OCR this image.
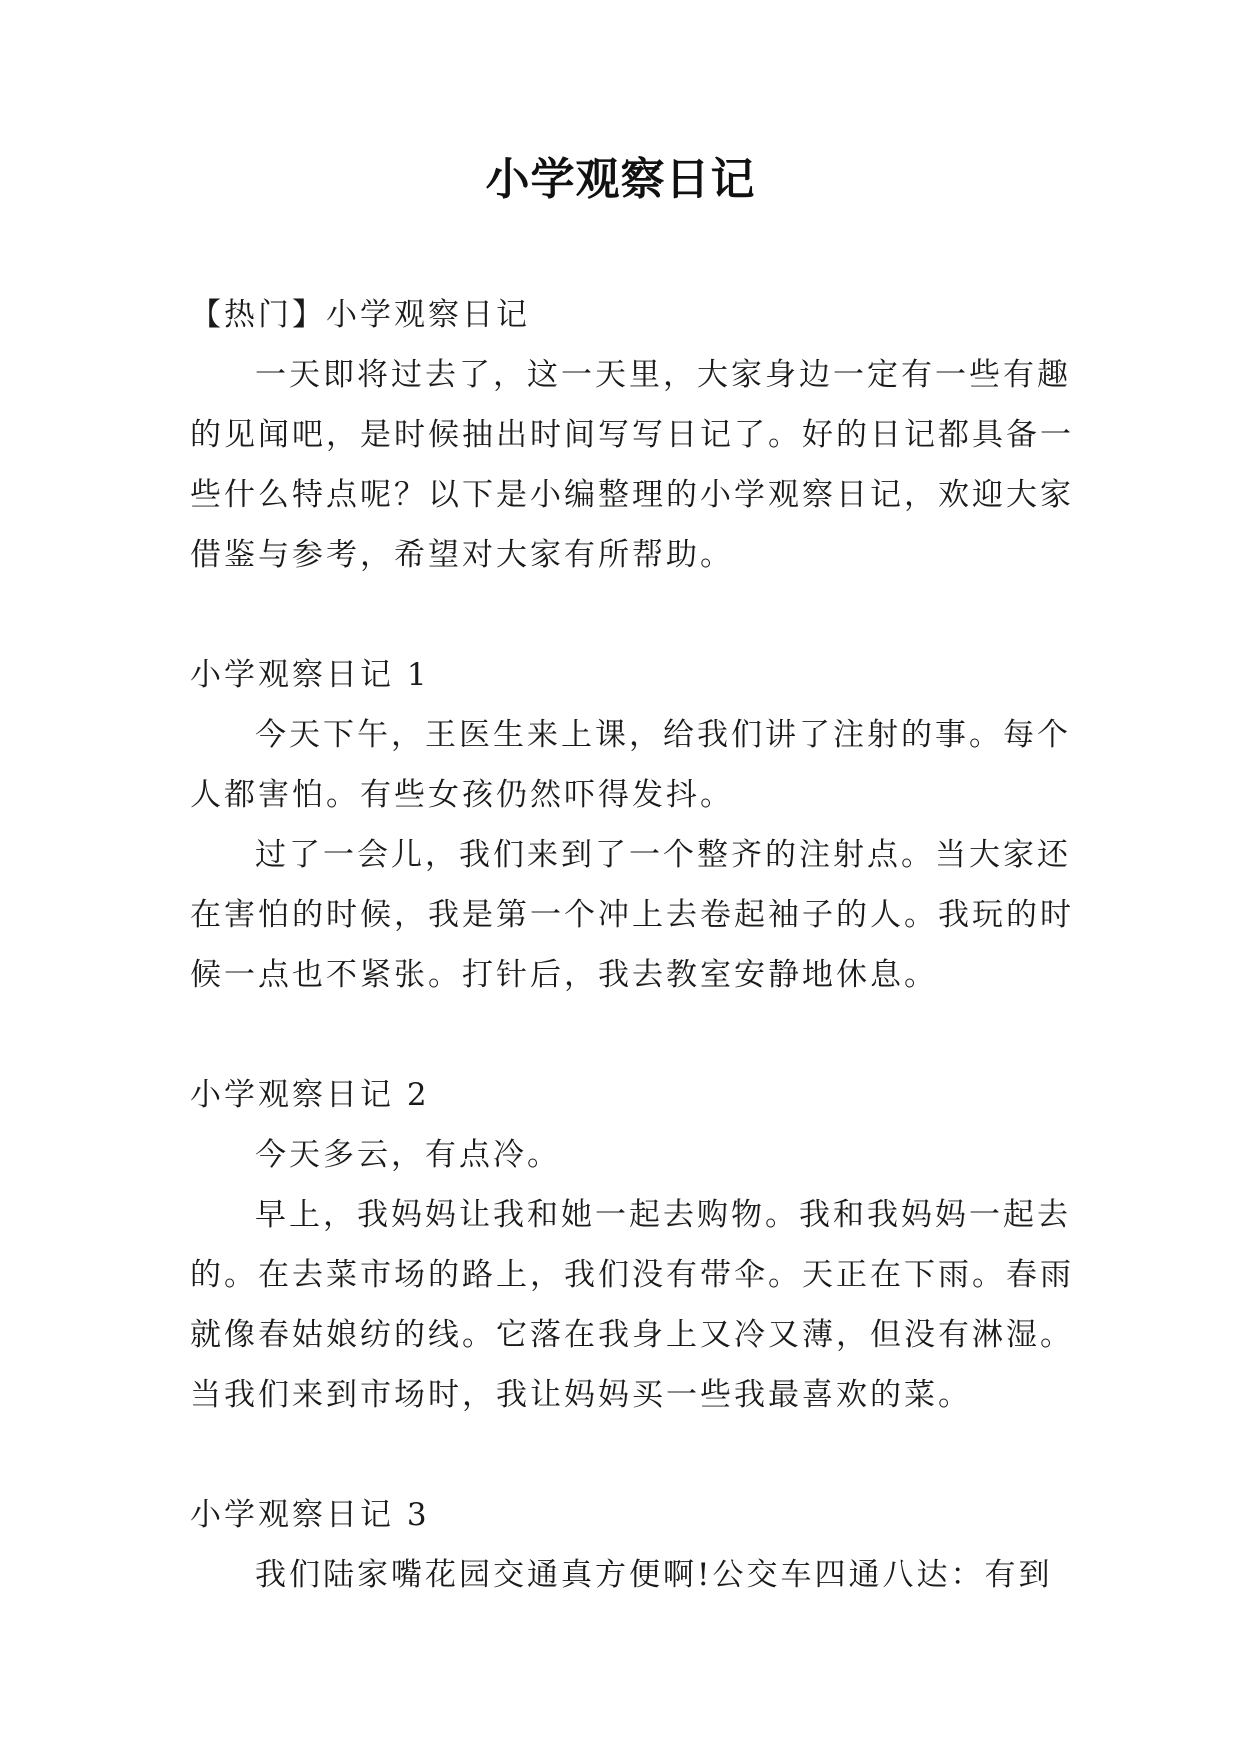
小学观察日记
【热门】小学观察日记
一天即将过去了，这一天里，大家身边一定有一些有趣
的见闻吧，是时候抽出时间写写日记了。好的日记都具备一
些什么特点呢？以下是小编整理的小学观察日记，欢迎大家
借鉴与参考，希望对大家有所帮助。
小学观察日记 1
今天下午，王医生来上课，给我们讲了注射的事。每个
人都害怕。有些女孩仍然吓得发抖。
过了一会儿，我们来到了一个整齐的注射点。当大家还
在害怕的时候，我是第一个冲上去卷起袖子的人。我玩的时
候一点也不紧张。打针后，我去教室安静地休息。
小学观察日记 2
今天多云，有点冷。
早上，我妈妈让我和她一起去购物。我和我妈妈一起去
的。在去菜市场的路上，我们没有带伞。天正在下雨。春雨
就像春姑娘纺的线。它落在我身上又冷又薄，但没有淋湿。
当我们来到市场时，我让妈妈买一些我最喜欢的菜。
小学观察日记 3
我们陆家嘴花园交通真方便啊!公交车四通八达：有到
